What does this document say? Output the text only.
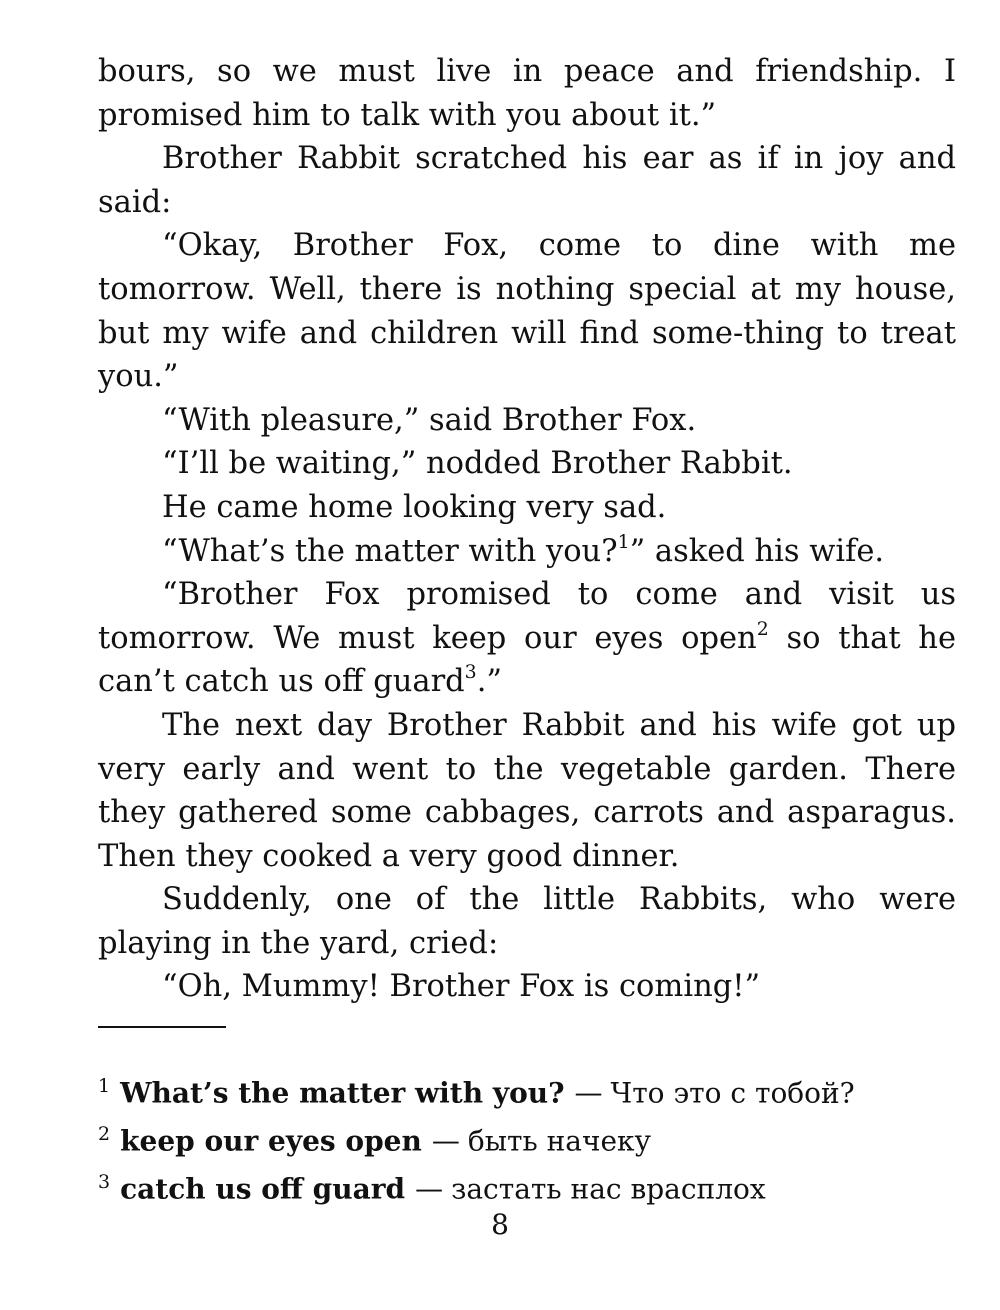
bours, so we must live in peace and friendship. I promised him to talk with you about it.”

Brother Rabbit scratched his ear as if in joy and said:

“Okay, Brother Fox, come to dine with me tomorrow. Well, there is nothing special at my house, but my wife and children will find some-thing to treat you.”

“With pleasure,” said Brother Fox.

“I’ll be waiting,” nodded Brother Rabbit.

He came home looking very sad.

“What’s the matter with you?$^1$” asked his wife.

“Brother Fox promised to come and visit us tomorrow. We must keep our eyes open$^2$ so that he can’t catch us off guard$^3$.”

The next day Brother Rabbit and his wife got up very early and went to the vegetable garden. There they gathered some cabbages, carrots and asparagus. Then they cooked a very good dinner.

Suddenly, one of the little Rabbits, who were playing in the yard, cried:

“Oh, Mummy! Brother Fox is coming!”

$^1$ What’s the matter with you? — Что это с тобой?
$^2$ keep our eyes open — быть начеку
$^3$ catch us off guard — застать нас врасплох
8
